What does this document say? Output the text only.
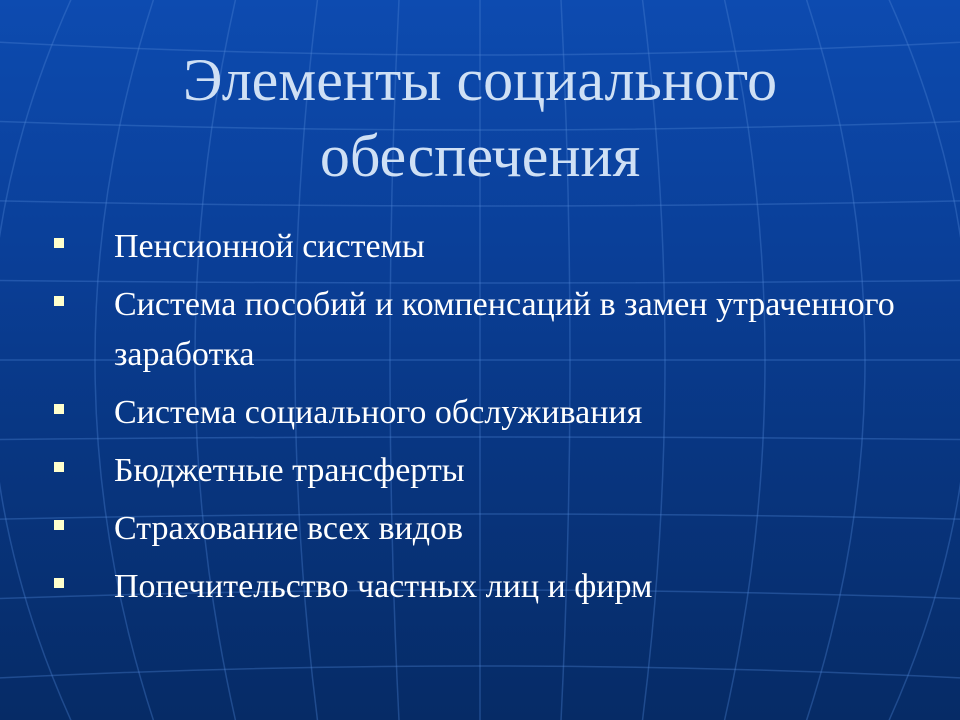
Элементы социального
обеспечения
Пенсионной системы
Система пособий и компенсаций в замен утраченного заработка
Система социального обслуживания
Бюджетные трансферты
Страхование всех видов
Попечительство частных лиц и фирм
